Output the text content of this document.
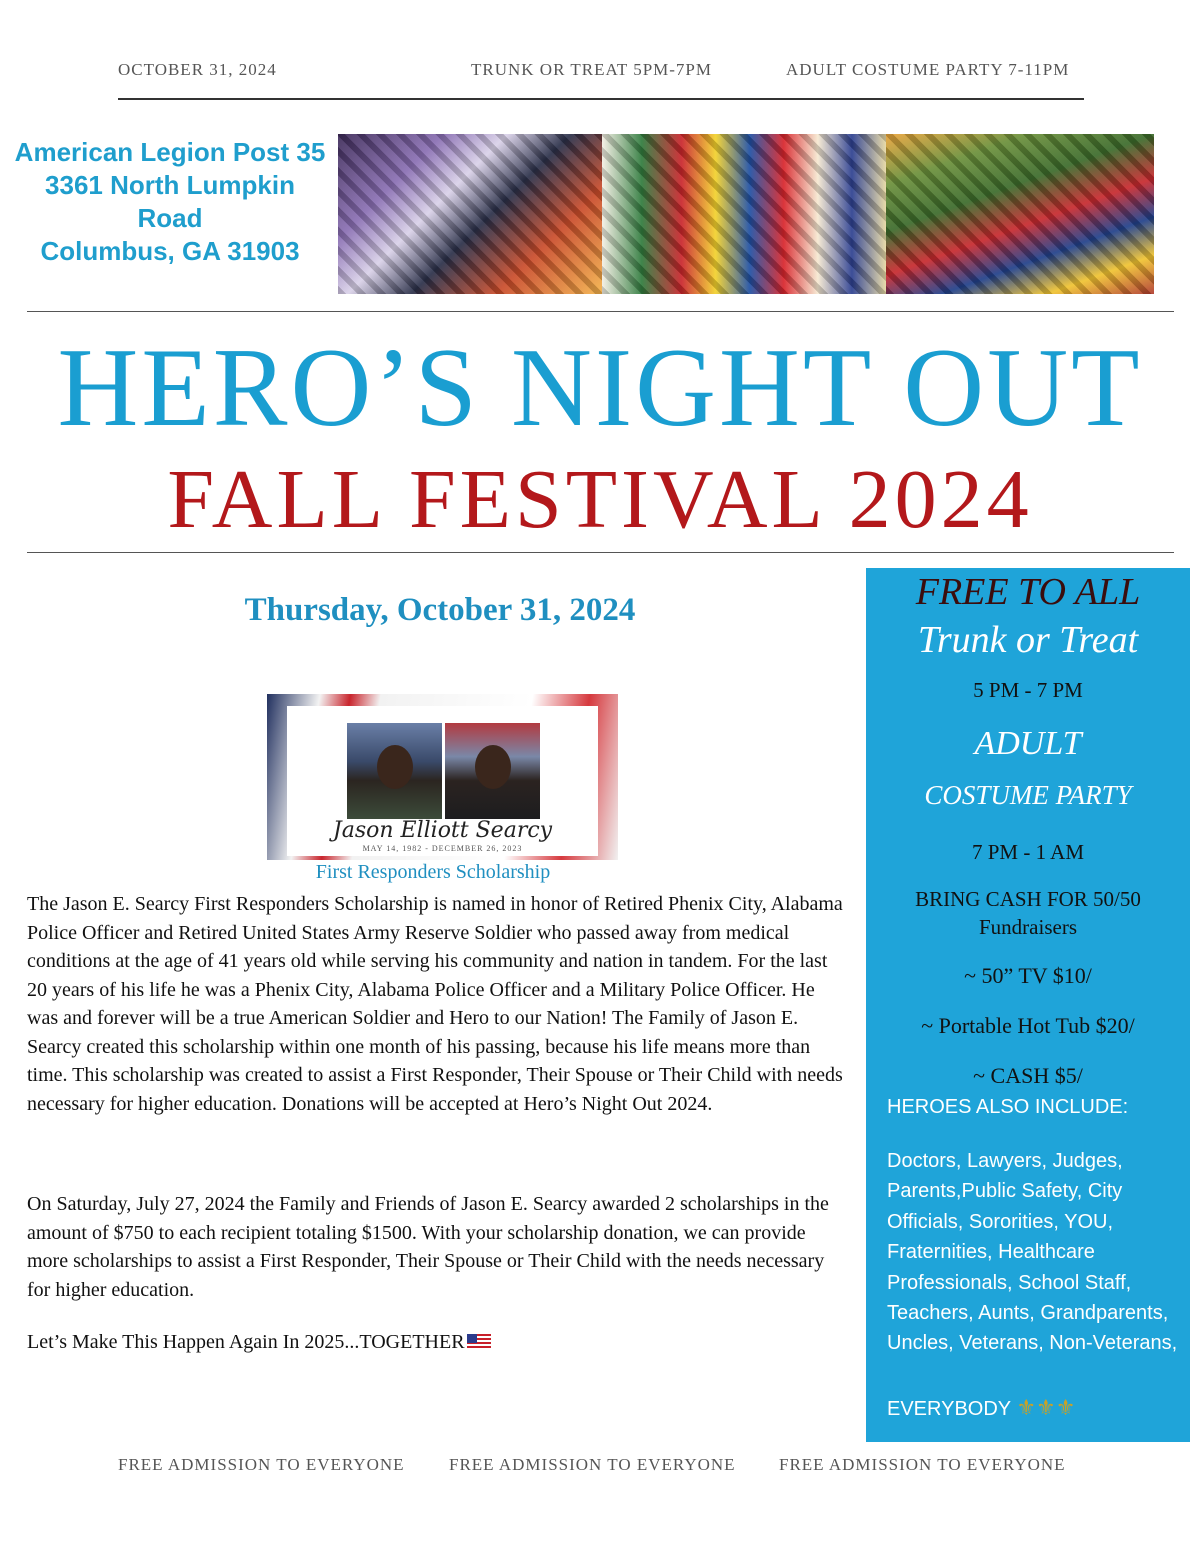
OCTOBER 31, 2024	TRUNK OR TREAT 5PM-7PM	ADULT COSTUME PARTY 7-11PM
American Legion Post 35
3361 North Lumpkin
Road
Columbus, GA 31903
HERO’S NIGHT OUT
FALL FESTIVAL 2024
Thursday, October 31, 2024
Jason Elliott Searcy
MAY 14, 1982 - DECEMBER 26, 2023
First Responders Scholarship
The Jason E. Searcy First Responders Scholarship is named in honor of Retired Phenix City, Alabama Police Officer and Retired United States Army Reserve Soldier who passed away from medical conditions at the age of 41 years old while serving his community and nation in tandem. For the last 20 years of his life he was a Phenix City, Alabama Police Officer and a Military Police Officer. He was and forever will be a true American Soldier and Hero to our Nation! The Family of Jason E. Searcy created this scholarship within one month of his passing, because his life means more than time. This scholarship was created to assist a First Responder, Their Spouse or Their Child with needs necessary for higher education. Donations will be accepted at Hero’s Night Out 2024.
On Saturday, July 27, 2024 the Family and Friends of Jason E. Searcy awarded 2 scholarships in the amount of $750 to each recipient totaling $1500. With your scholarship donation, we can provide more scholarships to assist a First Responder, Their Spouse or Their Child with the needs necessary for higher education.
Let’s Make This Happen Again In 2025...TOGETHER
FREE TO ALL
Trunk or Treat
5 PM - 7 PM
ADULT
COSTUME PARTY
7 PM - 1 AM
BRING CASH FOR 50/50
Fundraisers
~ 50” TV $10/
~ Portable Hot Tub $20/
~ CASH $5/
HEROES ALSO INCLUDE:
Doctors, Lawyers, Judges, Parents,Public Safety, City Officials, Sororities, YOU, Fraternities, Healthcare Professionals, School Staff, Teachers, Aunts, Grandparents, Uncles, Veterans, Non-Veterans,
EVERYBODY ⚜⚜⚜
FREE ADMISSION TO EVERYONE	FREE ADMISSION TO EVERYONE	FREE ADMISSION TO EVERYONE
